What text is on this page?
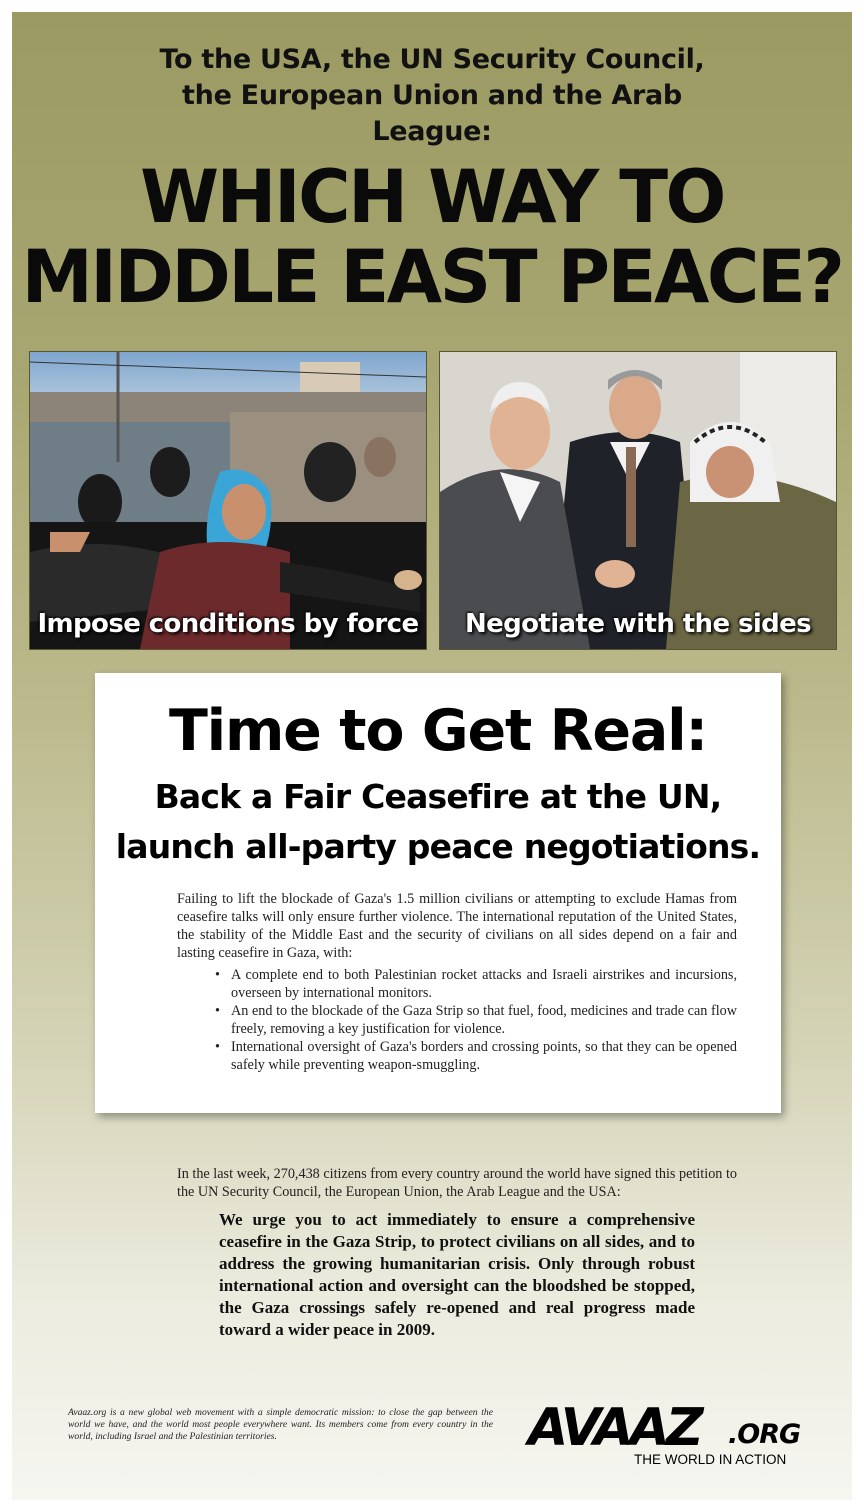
To the USA, the UN Security Council, the European Union and the Arab League:
WHICH WAY TO
MIDDLE EAST PEACE?
Impose conditions by force	Negotiate with the sides
Time to Get Real:
Back a Fair Ceasefire at the UN,
launch all-party peace negotiations.
Failing to lift the blockade of Gaza's 1.5 million civilians or attempting to exclude Hamas from ceasefire talks will only ensure further violence. The international reputation of the United States, the stability of the Middle East and the security of civilians on all sides depend on a fair and lasting ceasefire in Gaza, with:
• A complete end to both Palestinian rocket attacks and Israeli airstrikes and incursions, overseen by international monitors.
• An end to the blockade of the Gaza Strip so that fuel, food, medicines and trade can flow freely, removing a key justification for violence.
• International oversight of Gaza's borders and crossing points, so that they can be opened safely while preventing weapon-smuggling.
In the last week, 270,438 citizens from every country around the world have signed this petition to the UN Security Council, the European Union, the Arab League and the USA:
We urge you to act immediately to ensure a comprehensive ceasefire in the Gaza Strip, to protect civilians on all sides, and to address the growing humanitarian crisis. Only through robust international action and oversight can the bloodshed be stopped, the Gaza crossings safely re-opened and real progress made toward a wider peace in 2009.
Avaaz.org is a new global web movement with a simple democratic mission: to close the gap between the world we have, and the world most people everywhere want. Its members come from every country in the world, including Israel and the Palestinian territories.	AVAAZ .ORG
THE WORLD IN ACTION
